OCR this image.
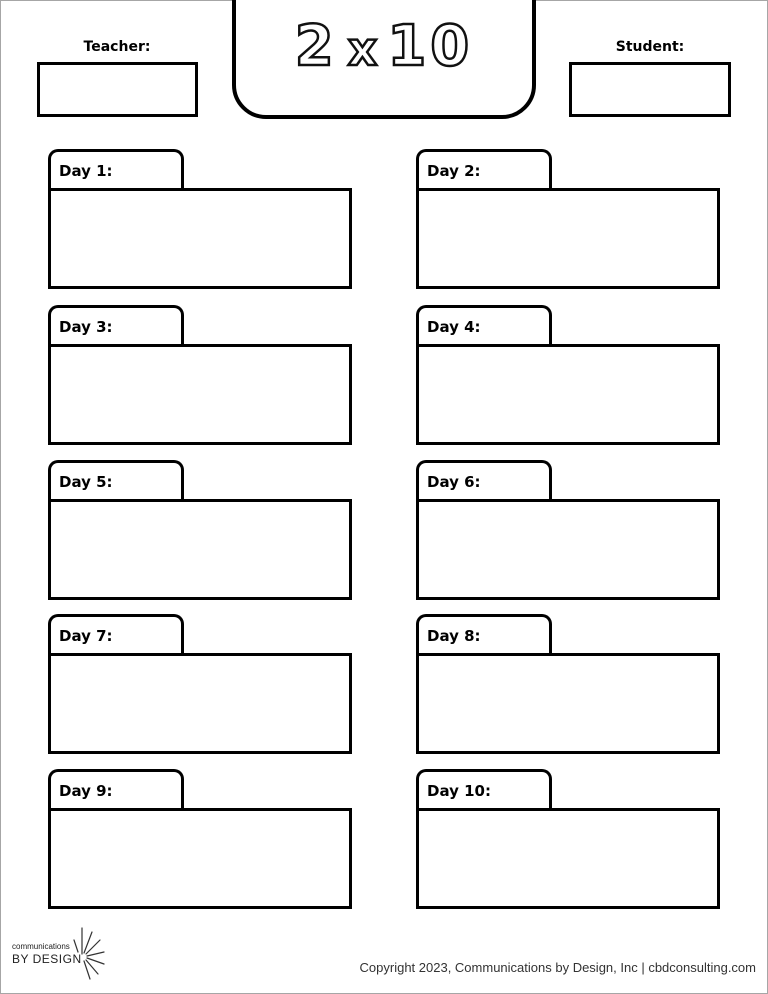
Teacher:	2 x 10	Student:
Day 1:	Day 2:
Day 3:	Day 4:
Day 5:	Day 6:
Day 7:	Day 8:
Day 9:	Day 10:
communications
BY DESIGN
Copyright 2023, Communications by Design, Inc | cbdconsulting.com
